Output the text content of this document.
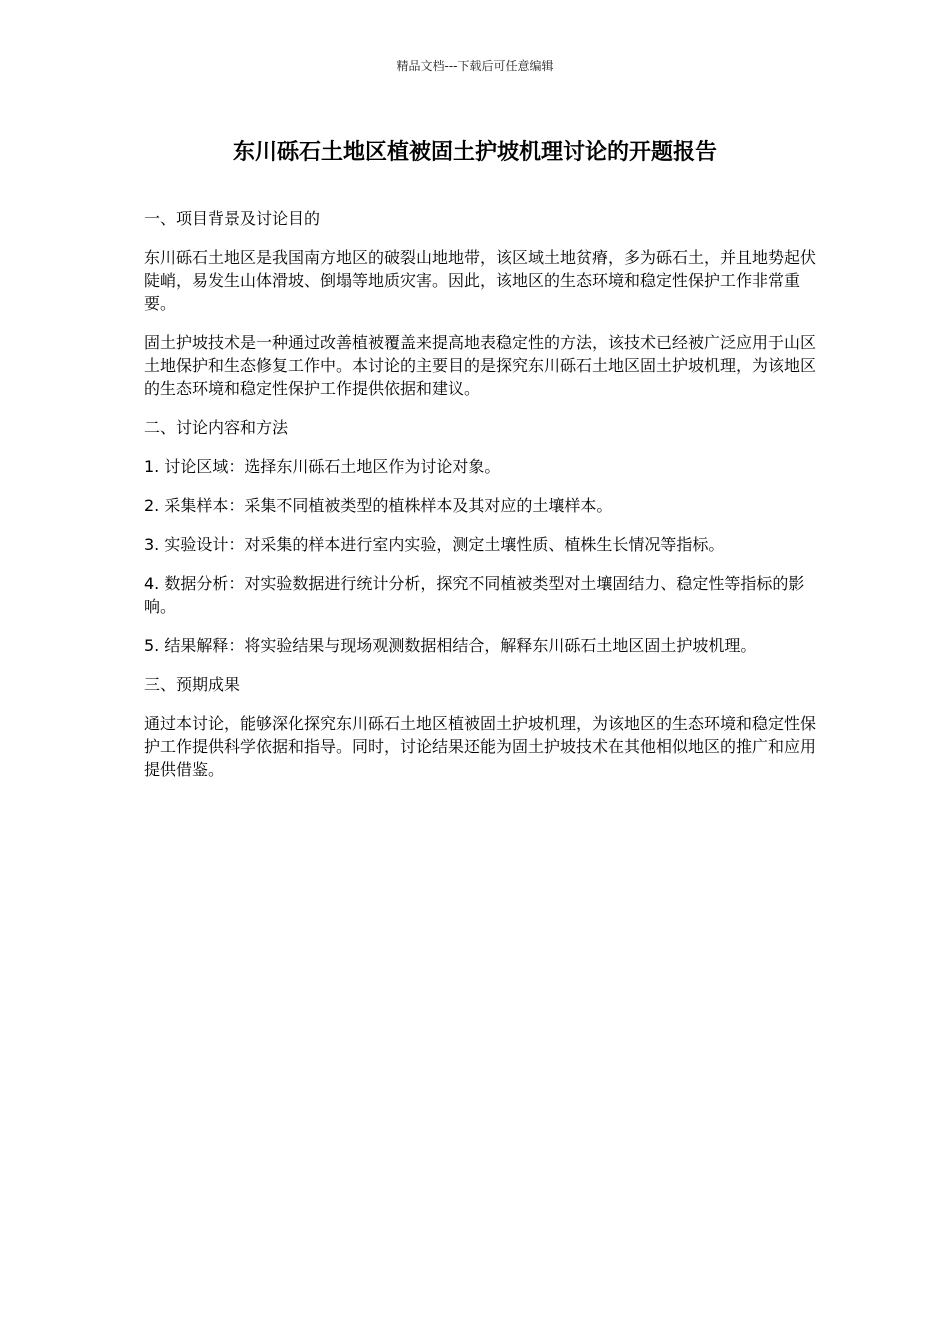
精品文档---下载后可任意编辑
东川砾石土地区植被固土护坡机理讨论的开题报告

一、项目背景及讨论目的

东川砾石土地区是我国南方地区的破裂山地地带，该区域土地贫瘠，多为砾石土，并且地势起伏陡峭，易发生山体滑坡、倒塌等地质灾害。因此，该地区的生态环境和稳定性保护工作非常重要。

固土护坡技术是一种通过改善植被覆盖来提高地表稳定性的方法，该技术已经被广泛应用于山区土地保护和生态修复工作中。本讨论的主要目的是探究东川砾石土地区固土护坡机理，为该地区的生态环境和稳定性保护工作提供依据和建议。

二、讨论内容和方法

1. 讨论区域：选择东川砾石土地区作为讨论对象。

2. 采集样本：采集不同植被类型的植株样本及其对应的土壤样本。

3. 实验设计：对采集的样本进行室内实验，测定土壤性质、植株生长情况等指标。

4. 数据分析：对实验数据进行统计分析，探究不同植被类型对土壤固结力、稳定性等指标的影响。

5. 结果解释：将实验结果与现场观测数据相结合，解释东川砾石土地区固土护坡机理。

三、预期成果

通过本讨论，能够深化探究东川砾石土地区植被固土护坡机理，为该地区的生态环境和稳定性保护工作提供科学依据和指导。同时，讨论结果还能为固土护坡技术在其他相似地区的推广和应用提供借鉴。
